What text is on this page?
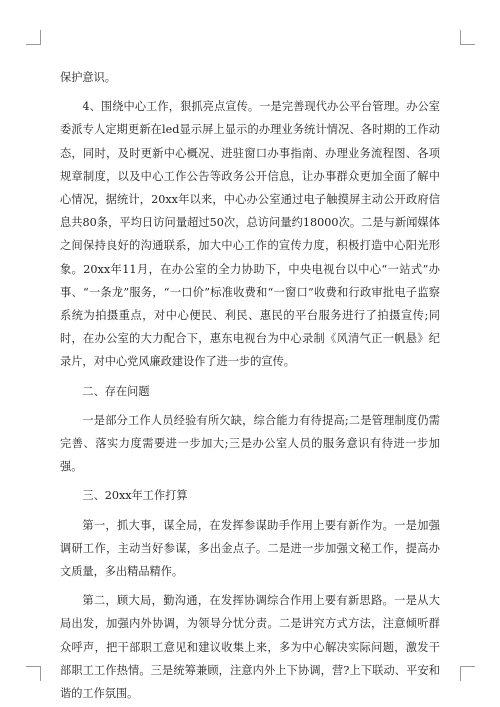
保护意识。

4、围绕中心工作，狠抓亮点宣传。一是完善现代办公平台管理。办公室委派专人定期更新在led显示屏上显示的办理业务统计情况、各时期的工作动态，同时，及时更新中心概况、进驻窗口办事指南、办理业务流程图、各项规章制度，以及中心工作公告等政务公开信息，让办事群众更加全面了解中心情况，据统计，20xx年以来，中心办公室通过电子触摸屏主动公开政府信息共80条，平均日访问量超过50次，总访问量约18000次。二是与新闻媒体之间保持良好的沟通联系，加大中心工作的宣传力度，积极打造中心阳光形象。20xx年11月，在办公室的全力协助下，中央电视台以中心“一站式”办事、“一条龙”服务，“一口价”标准收费和“一窗口”收费和行政审批电子监察系统为拍摄重点，对中心便民、利民、惠民的平台服务进行了拍摄宣传;同时，在办公室的大力配合下，惠东电视台为中心录制《风清气正一帆悬》纪录片，对中心党风廉政建设作了进一步的宣传。

二、存在问题

一是部分工作人员经验有所欠缺，综合能力有待提高;二是管理制度仍需完善、落实力度需要进一步加大;三是办公室人员的服务意识有待进一步加强。

三、20xx年工作打算

第一，抓大事，谋全局，在发挥参谋助手作用上要有新作为。一是加强调研工作，主动当好参谋，多出金点子。二是进一步加强文秘工作，提高办文质量，多出精品精作。

第二，顾大局，勤沟通，在发挥协调综合作用上要有新思路。一是从大局出发，加强内外协调，为领导分忧分责。二是讲究方式方法，注意倾听群众呼声，把干部职工意见和建议收集上来，多为中心解决实际问题，激发干部职工工作热情。三是统筹兼顾，注意内外上下协调，营?上下联动、平安和谐的工作氛围。
